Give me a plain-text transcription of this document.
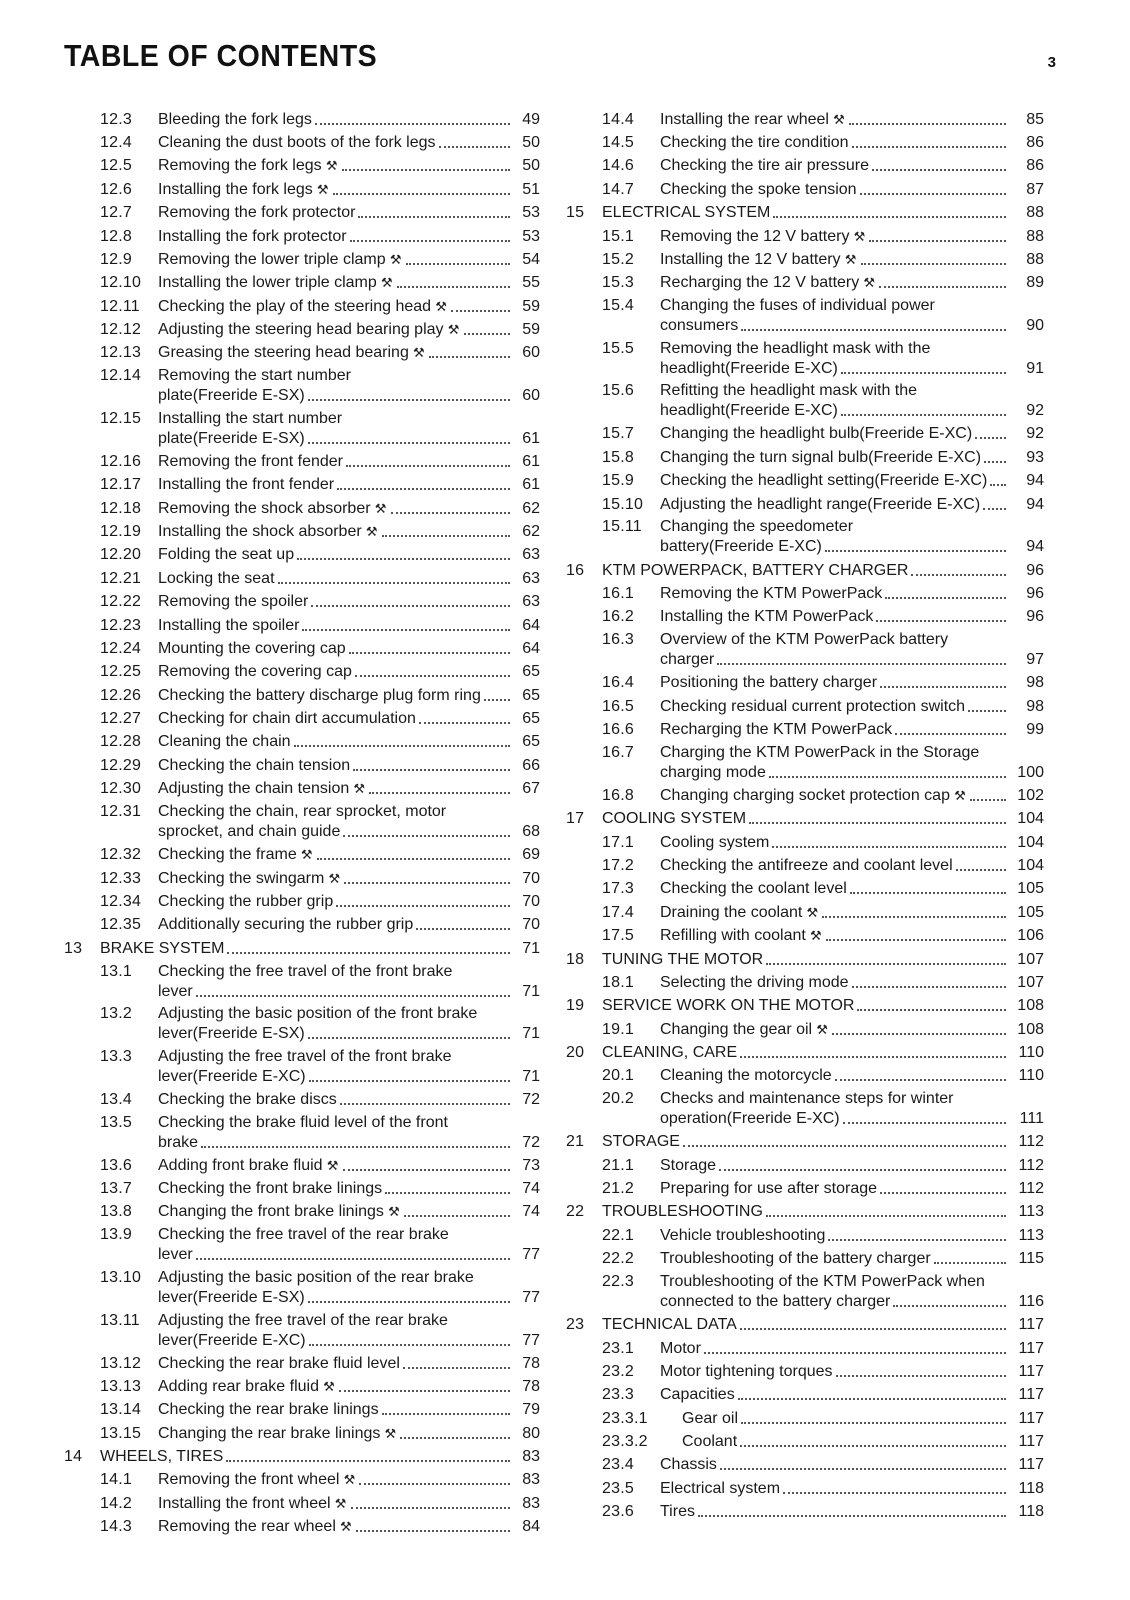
TABLE OF CONTENTS	3
12.3	Bleeding the fork legs	49
12.4	Cleaning the dust boots of the fork legs	50
12.5	Removing the fork legs ⚒	50
12.6	Installing the fork legs ⚒	51
12.7	Removing the fork protector	53
12.8	Installing the fork protector	53
12.9	Removing the lower triple clamp ⚒	54
12.10	Installing the lower triple clamp ⚒	55
12.11	Checking the play of the steering head ⚒	59
12.12	Adjusting the steering head bearing play ⚒	59
12.13	Greasing the steering head bearing ⚒	60
12.14	Removing the start number
plate(Freeride E-SX)	60
12.15	Installing the start number
plate(Freeride E-SX)	61
12.16	Removing the front fender	61
12.17	Installing the front fender	61
12.18	Removing the shock absorber ⚒	62
12.19	Installing the shock absorber ⚒	62
12.20	Folding the seat up	63
12.21	Locking the seat	63
12.22	Removing the spoiler	63
12.23	Installing the spoiler	64
12.24	Mounting the covering cap	64
12.25	Removing the covering cap	65
12.26	Checking the battery discharge plug form ring	65
12.27	Checking for chain dirt accumulation	65
12.28	Cleaning the chain	65
12.29	Checking the chain tension	66
12.30	Adjusting the chain tension ⚒	67
12.31	Checking the chain, rear sprocket, motor
sprocket, and chain guide	68
12.32	Checking the frame ⚒	69
12.33	Checking the swingarm ⚒	70
12.34	Checking the rubber grip	70
12.35	Additionally securing the rubber grip	70
13	BRAKE SYSTEM	71
13.1	Checking the free travel of the front brake
lever	71
13.2	Adjusting the basic position of the front brake
lever(Freeride E-SX)	71
13.3	Adjusting the free travel of the front brake
lever(Freeride E-XC)	71
13.4	Checking the brake discs	72
13.5	Checking the brake fluid level of the front
brake	72
13.6	Adding front brake fluid ⚒	73
13.7	Checking the front brake linings	74
13.8	Changing the front brake linings ⚒	74
13.9	Checking the free travel of the rear brake
lever	77
13.10	Adjusting the basic position of the rear brake
lever(Freeride E-SX)	77
13.11	Adjusting the free travel of the rear brake
lever(Freeride E-XC)	77
13.12	Checking the rear brake fluid level	78
13.13	Adding rear brake fluid ⚒	78
13.14	Checking the rear brake linings	79
13.15	Changing the rear brake linings ⚒	80
14	WHEELS, TIRES	83
14.1	Removing the front wheel ⚒	83
14.2	Installing the front wheel ⚒	83
14.3	Removing the rear wheel ⚒	84
14.4	Installing the rear wheel ⚒	85
14.5	Checking the tire condition	86
14.6	Checking the tire air pressure	86
14.7	Checking the spoke tension	87
15	ELECTRICAL SYSTEM	88
15.1	Removing the 12 V battery ⚒	88
15.2	Installing the 12 V battery ⚒	88
15.3	Recharging the 12 V battery ⚒	89
15.4	Changing the fuses of individual power
consumers	90
15.5	Removing the headlight mask with the
headlight(Freeride E-XC)	91
15.6	Refitting the headlight mask with the
headlight(Freeride E-XC)	92
15.7	Changing the headlight bulb(Freeride E-XC)	92
15.8	Changing the turn signal bulb(Freeride E-XC)	93
15.9	Checking the headlight setting(Freeride E-XC)	94
15.10	Adjusting the headlight range(Freeride E-XC)	94
15.11	Changing the speedometer
battery(Freeride E-XC)	94
16	KTM POWERPACK, BATTERY CHARGER	96
16.1	Removing the KTM PowerPack	96
16.2	Installing the KTM PowerPack	96
16.3	Overview of the KTM PowerPack battery
charger	97
16.4	Positioning the battery charger	98
16.5	Checking residual current protection switch	98
16.6	Recharging the KTM PowerPack	99
16.7	Charging the KTM PowerPack in the Storage
charging mode	100
16.8	Changing charging socket protection cap ⚒	102
17	COOLING SYSTEM	104
17.1	Cooling system	104
17.2	Checking the antifreeze and coolant level	104
17.3	Checking the coolant level	105
17.4	Draining the coolant ⚒	105
17.5	Refilling with coolant ⚒	106
18	TUNING THE MOTOR	107
18.1	Selecting the driving mode	107
19	SERVICE WORK ON THE MOTOR	108
19.1	Changing the gear oil ⚒	108
20	CLEANING, CARE	110
20.1	Cleaning the motorcycle	110
20.2	Checks and maintenance steps for winter
operation(Freeride E-XC)	111
21	STORAGE	112
21.1	Storage	112
21.2	Preparing for use after storage	112
22	TROUBLESHOOTING	113
22.1	Vehicle troubleshooting	113
22.2	Troubleshooting of the battery charger	115
22.3	Troubleshooting of the KTM PowerPack when
connected to the battery charger	116
23	TECHNICAL DATA	117
23.1	Motor	117
23.2	Motor tightening torques	117
23.3	Capacities	117
23.3.1	Gear oil	117
23.3.2	Coolant	117
23.4	Chassis	117
23.5	Electrical system	118
23.6	Tires	118
